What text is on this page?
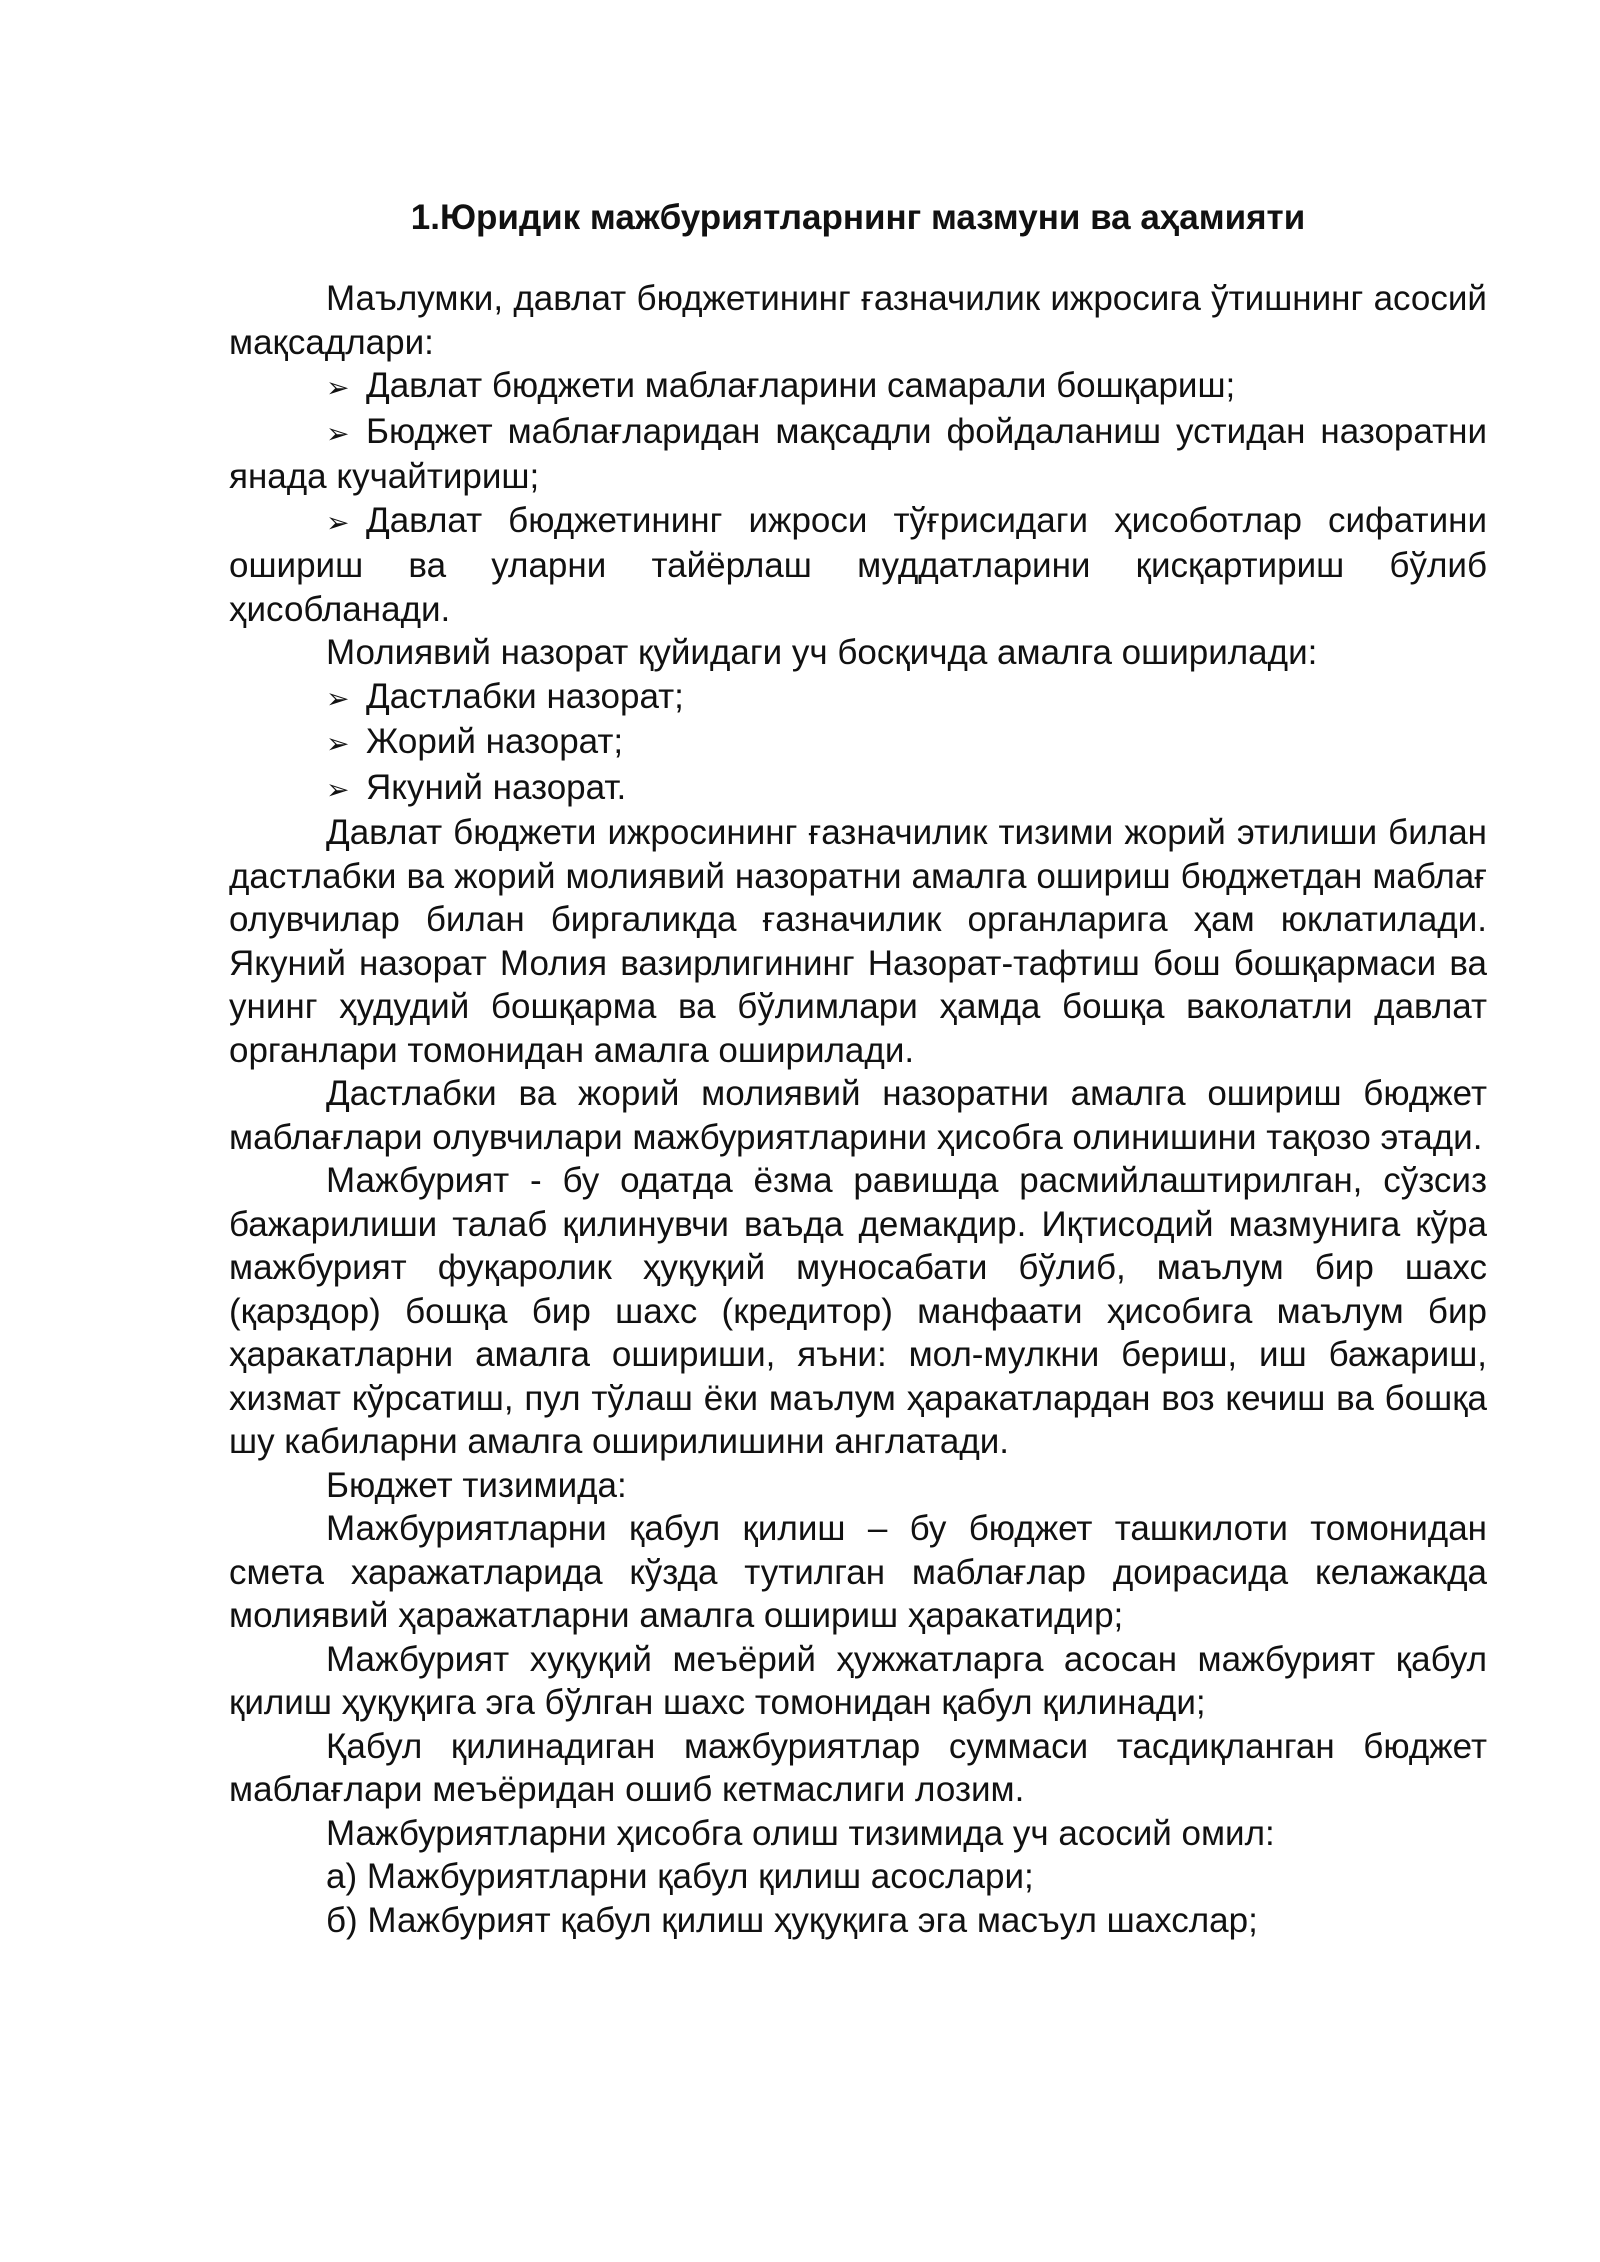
1.Юридик мажбуриятларнинг мазмуни ва аҳамияти

Маълумки, давлат бюджетининг ғазначилик ижросига ўтишнинг асосий мақсадлари:

➢ Давлат бюджети маблағларини самарали бошқариш;

➢ Бюджет маблағларидан мақсадли фойдаланиш устидан назоратни янада кучайтириш;

➢ Давлат бюджетининг ижроси тўғрисидаги ҳисоботлар сифатини ошириш ва уларни тайёрлаш муддатларини қисқартириш бўлиб ҳисобланади.

Молиявий назорат қуйидаги уч босқичда амалга оширилади:

➢ Дастлабки назорат;

➢ Жорий назорат;

➢ Якуний назорат.

Давлат бюджети ижросининг ғазначилик тизими жорий этилиши билан дастлабки ва жорий молиявий назоратни амалга ошириш бюджетдан маблағ олувчилар билан биргаликда ғазначилик органларига ҳам юклатилади. Якуний назорат Молия вазирлигининг Назорат-тафтиш бош бошқармаси ва унинг ҳудудий бошқарма ва бўлимлари ҳамда бошқа ваколатли давлат органлари томонидан амалга оширилади.

Дастлабки ва жорий молиявий назоратни амалга ошириш бюджет маблағлари олувчилари мажбуриятларини ҳисобга олинишини тақозо этади.

Мажбурият - бу одатда ёзма равишда расмийлаштирилган, сўзсиз бажарилиши талаб қилинувчи ваъда демакдир. Иқтисодий мазмунига кўра мажбурият фуқаролик ҳуқуқий муносабати бўлиб, маълум бир шахс (қарздор) бошқа бир шахс (кредитор) манфаати ҳисобига маълум бир ҳаракатларни амалга ошириши, яъни: мол-мулкни бериш, иш бажариш, хизмат кўрсатиш, пул тўлаш ёки маълум ҳаракатлардан воз кечиш ва бошқа шу кабиларни амалга оширилишини англатади.

Бюджет тизимида:

Мажбуриятларни қабул қилиш – бу бюджет ташкилоти томонидан смета харажатларида кўзда тутилган маблағлар доирасида келажакда молиявий ҳаражатларни амалга ошириш ҳаракатидир;

Мажбурият хуқуқий меъёрий ҳужжатларга асосан мажбурият қабул қилиш ҳуқуқига эга бўлган шахс томонидан қабул қилинади;

Қабул қилинадиган мажбуриятлар суммаси тасдиқланган бюджет маблағлари меъёридан ошиб кетмаслиги лозим.

Мажбуриятларни ҳисобга олиш тизимида уч асосий омил:

а) Мажбуриятларни қабул қилиш асослари;

б) Мажбурият қабул қилиш ҳуқуқига эга масъул шахслар;
